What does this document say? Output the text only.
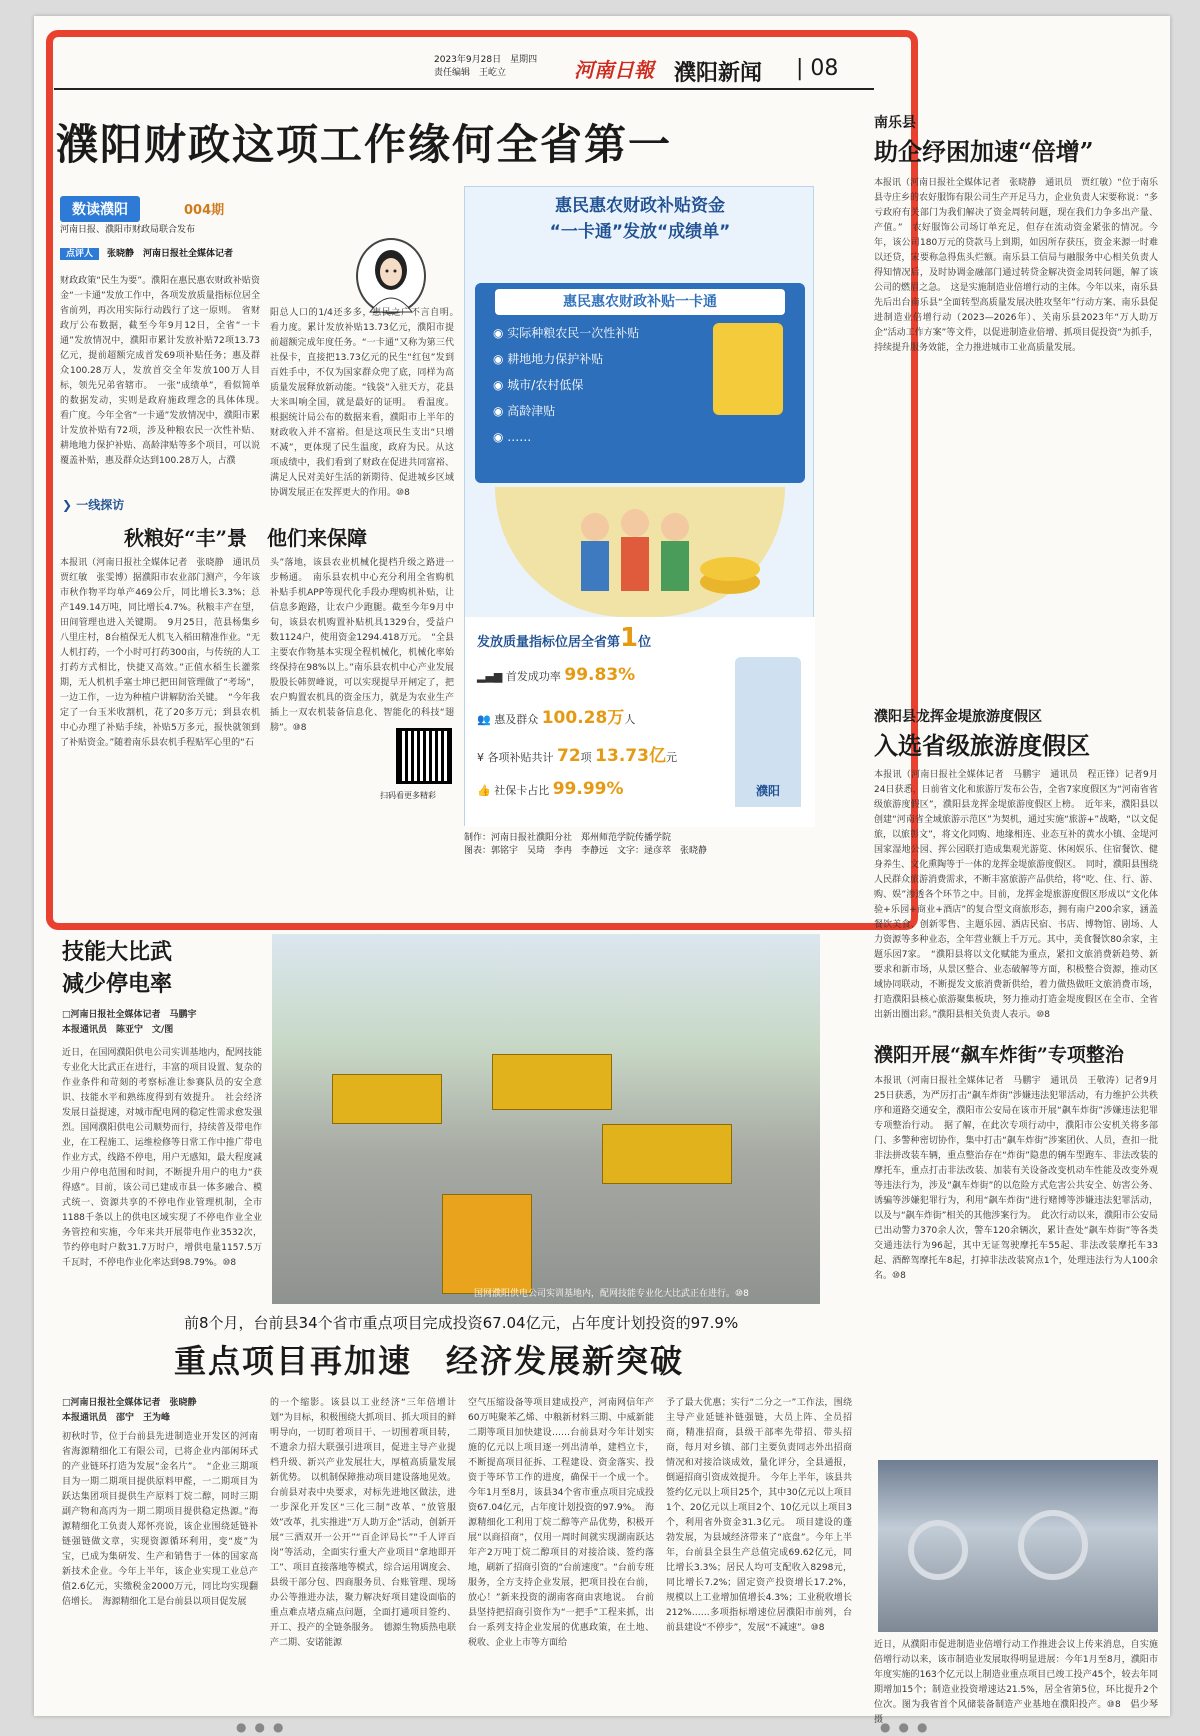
2023年9月28日　星期四
责任编辑　王屹立	河南日報 濮阳新闻 | 08
濮阳财政这项工作缘何全省第一
数读濮阳	004期
河南日报、濮阳市财政局联合发布
点评人 张晓静　河南日报社全媒体记者
财政政策“民生为要”。濮阳在惠民惠农财政补贴资金“一卡通”发放工作中，各项发放质量指标位居全省前列，再次用实际行动践行了这一原则。　省财政厅公布数据，截至今年9月12日，全省“一卡通”发放情况中，濮阳市累计发放补贴72项13.73亿元，提前超额完成首发69项补贴任务；惠及群众100.28万人，发放首交全年发放100万人目标，领先兄弟省辖市。　一张“成绩单”，看似简单的数据发动，实则是政府施政理念的具体体现。　看广度。今年全省“一卡通”发放情况中，濮阳市累计发放补贴有72项，涉及种粮农民一次性补贴、耕地地力保护补贴、高龄津贴等多个项目，可以说覆盖补贴，惠及群众达到100.28万人，占濮
阳总人口的1/4还多多，惠民之广不言自明。　看力度。累计发放补贴13.73亿元，濮阳市提前超额完成年度任务。“一卡通”又称为第三代社保卡，直接把13.73亿元的民生“红包”发到百姓手中，不仅为国家群众兜了底，同样为高质量发展释放新动能。“钱袋”入驻天方，花县大米叫响全国，就是最好的证明。　看温度。根据统计局公布的数据来看，濮阳市上半年的财政收入并不富裕。但是这项民生支出“只增不减”，更体现了民生温度，政府为民。从这项成绩中，我们看到了财政在促进共同富裕、满足人民对美好生活的新期待、促进城乡区域协调发展正在发挥更大的作用。⑩8
❯ 一线探访
秋粮好“丰”景　他们来保障
本报讯（河南日报社全媒体记者　张晓静　通讯员　贾红敏　张雯博）据濮阳市农业部门测产，今年该市秋作物平均单产469公斤，同比增长3.3%；总产149.14万吨，同比增长4.7%。秋粮丰产在望，田间管理也进入关键期。　9月25日，范县杨集乡八里庄村，8台植保无人机飞入稻田精准作业。“无人机打药，一个小时可打药300亩，与传统的人工打药方式相比，快捷又高效。”正值水稻生长灌浆期，无人机机手塞士坤已把田间管理做了“考场”，一边工作，一边为种植户讲解防治关键。　“今年我定了一台玉米收割机，花了20多万元；到县农机中心办理了补贴手续，补贴5万多元，报快就领到了补贴资金。”随着南乐县农机手程贴军心里的“石
头”落地，该县农业机械化提档升级之路进一步畅通。　南乐县农机中心充分利用全省购机补贴手机APP等现代化手段办理购机补贴，让信息多跑路，让农户少跑腿。截至今年9月中旬，该县农机购置补贴机具1329台，受益户数1124户，使用资金1294.418万元。　“全县主要农作物基本实现全程机械化，机械化率始终保持在98%以上。”南乐县农机中心产业发展股股长韩贺峰说，可以实现提早开闸定了，把农户购置农机具的资金压力，就是为农业生产插上一双农机装备信息化、智能化的科技“翅膀”。⑩8
扫码看更多精彩
惠民惠农财政补贴资金
“一卡通”发放“成绩单”
惠民惠农财政补贴一卡通
◉ 实际种粮农民一次性补贴
◉ 耕地地力保护补贴
◉ 城市/农村低保
◉ 高龄津贴
◉ ……
发放质量指标位居全省第1位
▂▄▆ 首发成功率 99.83%
👥 惠及群众 100.28万人
¥ 各项补贴共计 72项 13.73亿元
👍 社保卡占比 99.99%	濮阳
制作：河南日报社濮阳分社　郑州师范学院传播学院
图表：郭铭宇　吴琦　李冉　李静远　 文字：逯彦萃　张晓静
技能大比武
减少停电率
□河南日报社全媒体记者　马鹏宇
本报通讯员　陈亚宁　文/图
近日，在国网濮阳供电公司实训基地内，配网技能专业化大比武正在进行，丰富的项目设置、复杂的作业条件和苛刻的考察标准让参赛队员的安全意识、技能水平和熟练度得到有效提升。　社会经济发展日益提速，对城市配电网的稳定性需求愈发强烈。国网濮阳供电公司顺势而行，持续普及带电作业，在工程施工、运维检修等日常工作中推广带电作业方式，线路不停电，用户无感知，最大程度减少用户停电范围和时间，不断提升用户的电力“获得感”。目前，该公司已建成市县一体多融合、模式统一、资源共享的不停电作业管理机制，全市1188千条以上的供电区域实现了不停电作业全业务管控和实施，今年来共开展带电作业3532次，节约停电时户数31.7万时户，增供电量1157.5万千瓦时，不停电作业化率达到98.79%。⑩8
国网濮阳供电公司实训基地内，配网技能专业化大比武正在进行。⑩8
前8个月，台前县34个省市重点项目完成投资67.04亿元，占年度计划投资的97.9%
重点项目再加速　经济发展新突破
□河南日报社全媒体记者　张晓静
本报通讯员　邵宁　王为峰
初秋时节，位于台前县先进制造业开发区的河南省海源精细化工有限公司，已将企业内部闲环式的产业链环打造为发展“金名片”。　“企业三期项目为一期二期项目提供原料甲醛，一二期项目为跃达集团项目提供生产原料丁烷二醇，同时三期副产物和高丙为一期二期项目提供稳定热源。”海源精细化工负责人郑怀亮说，该企业围绕延链补链强链做文章，实现资源循环利用，变“废”为宝，已成为集研发、生产和销售于一体的国家高新技术企业。今年上半年，该企业实现工业总产值2.6亿元，实缴税金2000万元，同比均实现翻倍增长。　海源精细化工是台前县以项目促发展
的一个缩影。该县以工业经济“三年倍增计划”为目标，积极围绕大抓项目、抓大项目的鲜明导向，一切盯着项目干、一切围着项目转，不遗余力招大联强引进项目，促进主导产业提档升级、新兴产业发展壮大，厚植高质量发展新优势。　以机制保障推动项目建设落地见效。台前县对表中央要求，对标先进地区做法，进一步深化开发区“三化三制”改革、“放管服效”改革，扎实推进“万人助万企”活动，创新开展“三酒双开一公开”“百企评局长”“千人评百岗”等活动，全面实行重大产业项目“拿地即开工”、项目直接落地等模式，综合运用调度会、县级干部分包、四商服务员、台账管理、现场办公等推进办法，聚力解决好项目建设面临的重点难点堵点痛点问题，全面打通项目签约、开工、投产的全链条服务。　德源生物质热电联产二期、安诺能源
空气压缩设备等项目建成投产，河南网信年产60万吨聚苯乙烯、中粮新材料三期、中威新能二期等项目加快建设……台前县对今年计划实施的亿元以上项目逐一列出清单，建档立卡，不断提高项目征拆、工程建设、资金落实、投资于等环节工作的进度，确保干一个成一个。今年1月至8月，该县34个省市重点项目完成投资67.04亿元，占年度计划投资的97.9%。　海源精细化工利用丁烷二醇等产品优势，积极开展“以商招商”，仅用一周时间就实现湖南跃达年产2万吨丁烷二醇项目的对接洽谈、签约落地，刷新了招商引资的“台前速度”。“台前专班服务，全方支持企业发展，把项目投在台前，放心！”新来投资的湖南客商由衷地说。　台前县坚持把招商引资作为“一把手”工程来抓，出台一系列支持企业发展的优惠政策，在土地、税收、企业上市等方面给
予了最大优惠；实行“二分之一”工作法，围绕主导产业延链补链强链，大员上阵、全员招商，精准招商，县级干部率先带招、带头招商，每月对乡镇、部门主要负责同志外出招商情况和对接洽谈成效，量化评分，全县通报，倒逼招商引资成效提升。　今年上半年，该县共签约亿元以上项目25个，其中30亿元以上项目1个、20亿元以上项目2个、10亿元以上项目3个，利用省外资金31.3亿元。　项目建设的蓬勃发展，为县域经济带来了“底盘”。今年上半年，台前县全县生产总值完成69.62亿元，同比增长3.3%；居民人均可支配收入8298元，同比增长7.2%；固定资产投资增长17.2%，规模以上工业增加值增长4.3%；工业税收增长212%……多项指标增速位居濮阳市前列，台前县建设“不停步”，发展“不减速”。⑩8
南乐县
助企纾困加速“倍增”
本报讯（河南日报社全媒体记者　张晓静　通讯员　贾红敏）“位于南乐县寺庄乡的农好服饰有限公司生产开足马力，企业负责人宋要称说：“多亏政府有关部门为我们解决了资金周转问题，现在我们力争多出产量、产值。”　农好服饰公司场订单充足，但存在流动资金紧张的情况。今年，该公司180万元的贷款马上到期，如因所存获压，资金来源一时难以还贷，宋要称急得焦头烂额。南乐县工信局与融服务中心相关负责人得知情况后，及时协调金融部门通过转贷金解决资金周转问题，解了该公司的燃眉之急。　这是实施制造业倍增行动的主体。今年以来，南乐县先后出台南乐县“全面转型高质量发展决胜攻坚年”行动方案、南乐县促进制造业倍增行动（2023—2026年）、关南乐县2023年“万人助万企”活动工作方案”等文件，以促进制造业倍增、抓项目促投资“为抓手，持续提升服务效能，全力推进城市工业高质量发展。
濮阳县龙挥金堤旅游度假区
入选省级旅游度假区
本报讯（河南日报社全媒体记者　马鹏宇　通讯员　程正锋）记者9月24日获悉，日前省文化和旅游厅发布公告，全省7家度假区为“河南省省级旅游度假区”，濮阳县龙挥金堤旅游度假区上榜。　近年来，濮阳县以创建“河南省全域旅游示范区”为契机，通过实施“旅游+”战略，“以文促旅，以旅彰文”，将文化同购、地缘相连、业态互补的黄水小镇、金堤河国家湿地公园、挥公园联打造成集观光游览、休闲娱乐、住宿餐饮、健身养生、文化熏陶等于一体的龙挥金堤旅游度假区。　同时，濮阳县围绕人民群众旅游消费需求，不断丰富旅游产品供给，将“吃、住、行、游、购、娱”渗透各个环节之中。目前，龙挥金堤旅游度假区形成以“文化体验+乐园+商业+酒店”的复合型文商旅形态，拥有南户200余家，涵盖餐饮美食、创新零售、主题乐园、酒店民宿、书店、博物馆、剧场、人力资源等多种业态，全年营业额上千万元。其中，美食餐饮80余家，主题乐园7家。　“濮阳县将以文化赋能为重点，紧扣文旅消费新趋势、新要求和新市场，从景区整合、业态破解等方面，积极整合资源，推动区域协同联动，不断提发文旅消费新供给，着力做热做旺文旅消费市场，打造濮阳县核心旅游聚集板块，努力推动打造金堤度假区在全市、全省出新出圈出彩。”濮阳县相关负责人表示。⑩8
濮阳开展“飙车炸街”专项整治
本报讯（河南日报社全媒体记者　马鹏宇　通讯员　王敬涛）记者9月25日获悉，为严厉打击“飙车炸街”涉嫌违法犯罪活动，有力维护公共秩序和道路交通安全，濮阳市公安局在该市开展“飙车炸街”涉嫌违法犯罪专项整治行动。　据了解，在此次专项行动中，濮阳市公安机关将多部门、多警种密切协作，集中打击“飙车炸街”涉案团伙、人员，查扣一批非法拼改装车辆，重点整治存在“炸街”隐患的辆车型跑车、非法改装的摩托车，重点打击非法改装、加装有关设备改变机动车性能及改变外观等违法行为，涉及“飙车炸街”的以危险方式危害公共安全、妨害公务、诱骗等涉嫌犯罪行为，利用“飙车炸街”进行赌博等涉嫌违法犯罪活动，以及与“飙车炸街”相关的其他涉案行为。　此次行动以来，濮阳市公安局已出动警力370余人次，警车120余辆次，累计查处“飙车炸街”等各类交通违法行为96起，其中无证驾驶摩托车55起、非法改装摩托车33起、酒醉驾摩托车8起，打掉非法改装窝点1个，处理违法行为人100余名。⑩8
近日，从濮阳市促进制造业倍增行动工作推进会议上传来消息，自实施倍增行动以来，该市制造业发展取得明显进展：今年1月至8月，濮阳市年度实施的163个亿元以上制造业重点项目已竣工投产45个，较去年同期增加15个；制造业投资增速达21.5%，居全省第5位，环比提升2个位次。图为我省首个风储装备制造产业基地在濮阳投产。⑩8　倡少琴　摄
●●●	●●●
